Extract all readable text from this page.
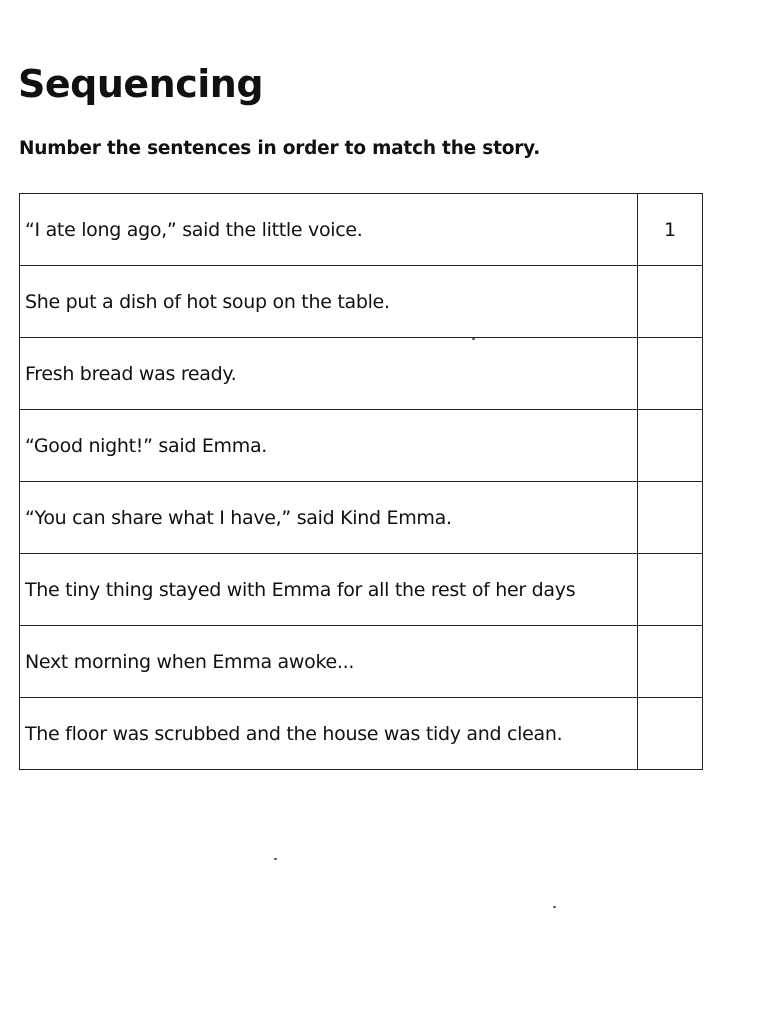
Sequencing

Number the sentences in order to match the story.

“I ate long ago,” said the little voice.	1
She put a dish of hot soup on the table.	
Fresh bread was ready.	
“Good night!” said Emma.	
“You can share what I have,” said Kind Emma.	
The tiny thing stayed with Emma for all the rest of her days	
Next morning when Emma awoke...	
The floor was scrubbed and the house was tidy and clean.	
